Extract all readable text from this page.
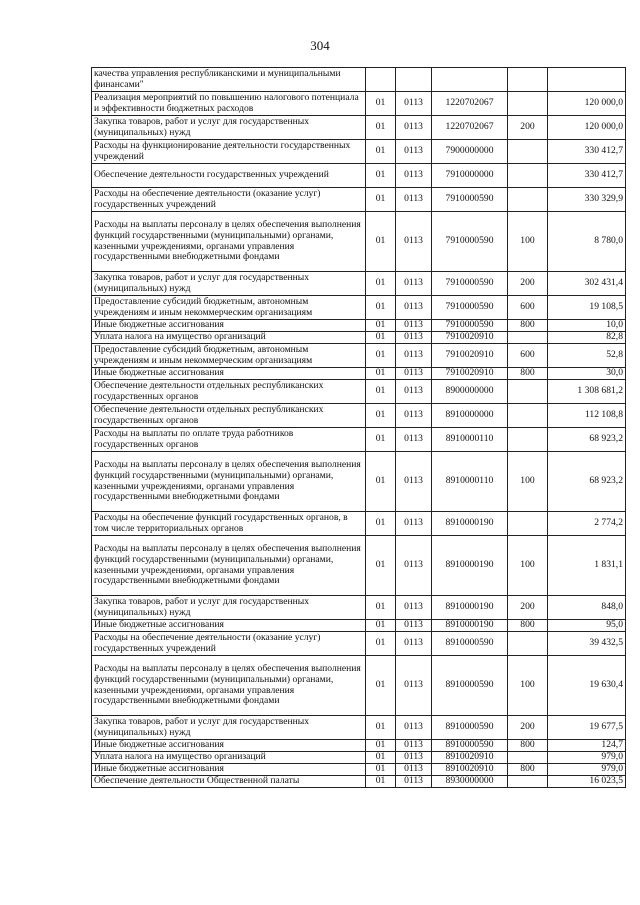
304
качества управления республиканскими и муниципальными финансами"					
Реализация мероприятий по повышению налогового потенциала и эффективности бюджетных расходов	01	0113	1220702067		120 000,0
Закупка товаров, работ и услуг для государственных (муниципальных) нужд	01	0113	1220702067	200	120 000,0
Расходы на функционирование деятельности государственных учреждений	01	0113	7900000000		330 412,7
Обеспечение деятельности государственных учреждений	01	0113	7910000000		330 412,7
Расходы на обеспечение деятельности (оказание услуг) государственных учреждений	01	0113	7910000590		330 329,9
Расходы на выплаты персоналу в целях обеспечения выполнения функций государственными (муниципальными) органами, казенными учреждениями, органами управления государственными внебюджетными фондами	01	0113	7910000590	100	8 780,0
Закупка товаров, работ и услуг для государственных (муниципальных) нужд	01	0113	7910000590	200	302 431,4
Предоставление субсидий бюджетным, автономным учреждениям и иным некоммерческим организациям	01	0113	7910000590	600	19 108,5
Иные бюджетные ассигнования	01	0113	7910000590	800	10,0
Уплата налога на имущество организаций	01	0113	7910020910		82,8
Предоставление субсидий бюджетным, автономным учреждениям и иным некоммерческим организациям	01	0113	7910020910	600	52,8
Иные бюджетные ассигнования	01	0113	7910020910	800	30,0
Обеспечение деятельности отдельных республиканских государственных органов	01	0113	8900000000		1 308 681,2
Обеспечение деятельности отдельных республиканских государственных органов	01	0113	8910000000		112 108,8
Расходы на выплаты по оплате труда работников государственных органов	01	0113	8910000110		68 923,2
Расходы на выплаты персоналу в целях обеспечения выполнения функций государственными (муниципальными) органами, казенными учреждениями, органами управления государственными внебюджетными фондами	01	0113	8910000110	100	68 923,2
Расходы на обеспечение функций государственных органов, в том числе территориальных органов	01	0113	8910000190		2 774,2
Расходы на выплаты персоналу в целях обеспечения выполнения функций государственными (муниципальными) органами, казенными учреждениями, органами управления государственными внебюджетными фондами	01	0113	8910000190	100	1 831,1
Закупка товаров, работ и услуг для государственных (муниципальных) нужд	01	0113	8910000190	200	848,0
Иные бюджетные ассигнования	01	0113	8910000190	800	95,0
Расходы на обеспечение деятельности (оказание услуг) государственных учреждений	01	0113	8910000590		39 432,5
Расходы на выплаты персоналу в целях обеспечения выполнения функций государственными (муниципальными) органами, казенными учреждениями, органами управления государственными внебюджетными фондами	01	0113	8910000590	100	19 630,4
Закупка товаров, работ и услуг для государственных (муниципальных) нужд	01	0113	8910000590	200	19 677,5
Иные бюджетные ассигнования	01	0113	8910000590	800	124,7
Уплата налога на имущество организаций	01	0113	8910020910		979,0
Иные бюджетные ассигнования	01	0113	8910020910	800	979,0
Обеспечение деятельности Общественной палаты	01	0113	8930000000		16 023,5
